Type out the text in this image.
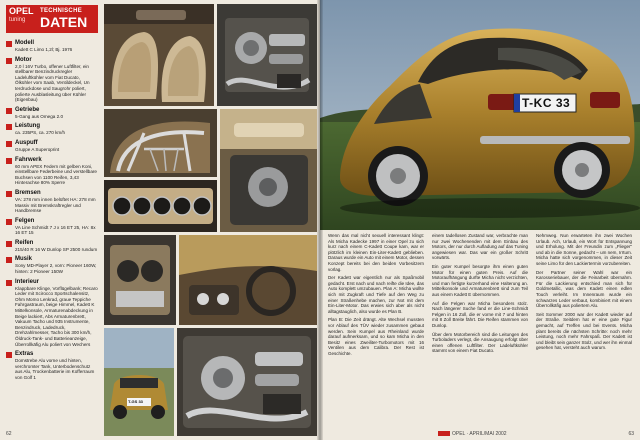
OPEL
tuning
TECHNISCHE
DATEN
Modell
Kadett C Limo 1,2l; Bj. 1976
Motor
2,0 l 16V Turbo, offener Luftfilter, ein stellbarer Benzindruckregler Ladeluftkühler vom Fiat Ducato, Ölkühler vom Saab, Ventildeckel, Un terdruckdose und Saugrohr poliert, polierte Ausblasleitung über Kühler (Eigenbau)
Getriebe
5-Gang aus Omega 2.0
Leistung
ca. 235PS, ca. 270 km/h
Auspuff
Gruppe A Superoprint
Fahrwerk
60 mm APEX Federn mit gelben Koni, einstellbare Federbeine und verstellbare Buchsen von 1100 Reifen, 3,43 Hinterachse 80% Sperre
Bremsen
VA: 278 mm innen belüftet HA: 278 mm Massiv mit Bremskraftregler und Handbremse
Felgen
VA Line Schmidt 7 J x 16 ET 25, HA: 8x 16 ET 15
Reifen
215/40 R 16 W Dunlop SP 2500 rundum
Musik
Sony MD-Player 2, vorn: Pioneer 160W, hinten: 2 Pioneer 150W
Interieur
Klappbare Klinge, Vorflügelbank; Recaro Leder mit Scirocco Sportschalensitz, Ohm Momo Lenkrad, graue Teppiche Fahrgastraum, beige Himmel, Kadett K Mittelkonsole, Armaturenabdeckung in Beige lackiert, Abs Armaturenbrett, Vakuum Tacho und 935 Instrumente, Benzindruck, Ladedruck, Drehzahlmesser, Tacho bis 300 km/h, Öldruck-Tank- und Batterieanzeige, Überrollkäfig Alu poliert von Wechers
Extras
Domstrebe Alu vorne und hinten, verchromter Tank, Unterbodenschutz aus Alu, Trockenbatterie im Kofferraum von Golf 1
T-GS 33
62
T-KC 33

Wenn das mal nicht sexuell interessant klingt: Als Micha Kadecke 1997 in einer Opel zu sich kurz nach einem C-Kadett Coupe kam, war er plötzlich im kleinen Ein-Liter-Kadett geblieben. Daraus wurde ein Auto mit einem Motor, dessen Konzept bereits bei den beiden Vorbesitzern vorlag.

Der Kadett war eigentlich nur als Spaßmobil gedacht. Erst nach und nach reifte die Idee, das Auto komplett umzubauen. Plan A: Micha wollte sich mit Zugkraft und Tiefe auf den Weg zu einer Straßenhebe machen, zur Not mit dem Ein-Liter-Motor. Das erwies sich aber als nicht alltagstauglich, also wurde es Plan B.

Plan B: Die Zeit drängt. Alte Wechsel mussten vor Ablauf des TÜV wieder zusammen gebaut werden. Sein Kumpel aus Rheinland wurde darauf aufmerksam, und so kam Micha in den Besitz eines Zweiliter-Turbomotors mit 16 Ventilen aus dem Calibra. Der Rest ist Geschichte.

einem tadellosen Zustand war, verbrachte man nur zwei Wochenenden mit dem Einbau des Motors, der nur durch Aufladung auf das Tuning angewiesen war. Das war ein großer Schritt vorwärts.

Ein guter Kumpel besorgte ihm einen guten Motor für einen guten Preis. Auf die Motoraufhängung durfte Micha nicht verzichten, und man fertigte kurzerhand eine Halterung an. Mittelkonsole und Armaturenbrett sind zum Teil aus einem Kadett E übernommen.

Auf die Felgen war Micha besonders stolz. Nach längerer Suche fand er die Line-Schmidt Felgen in 16 Zoll, die er vorne mit 7 und hinten mit 8 Zoll Breite fährt. Die Reifen stammen von Dunlop.

Über dem Motorbereich sind die Leitungen des Turboladers verlegt, die Ansaugung erfolgt über einen offenen Luftfilter. Der Ladeluftkühler stammt von einem Fiat Ducato.

Nehmweg. Nun erwarteten ihn zwei Wochen Urlaub. Ach, Urlaub, ein Wort für Entspannung und Erholung. Mit der Freundin zum „Flieger“ und ab in die Sonne, gedacht – um nem, Irrtum. Micha hatte sich vorgenommen, in dieser Zeit seine Limo für den Lackiertermin vorzubereiten.

Der Partner seiner Wahl war ein Karosseriebauer, der die Feinarbeit übernahm. Für die Lackierung entschied man sich für Goldmetallic, was dem Kadett einen edlen Touch verleiht. Im Innenraum wurde ein schwarzes Leder verbaut, kombiniert mit einem Überrollkäfig aus poliertem Alu.

Seit Sommer 2000 war der Kadett wieder auf der Straße. Seitdem hat er eine gute Figur gemacht, auf Treffen und bei Events. Micha plant bereits die nächsten Schritte: noch mehr Leistung, noch mehr Fahrspaß. Der Kadett ist und bleibt sein ganzer Stolz, und wer ihn einmal gesehen hat, versteht auch warum.

OPEL · APRIL/MAI 2002	63
